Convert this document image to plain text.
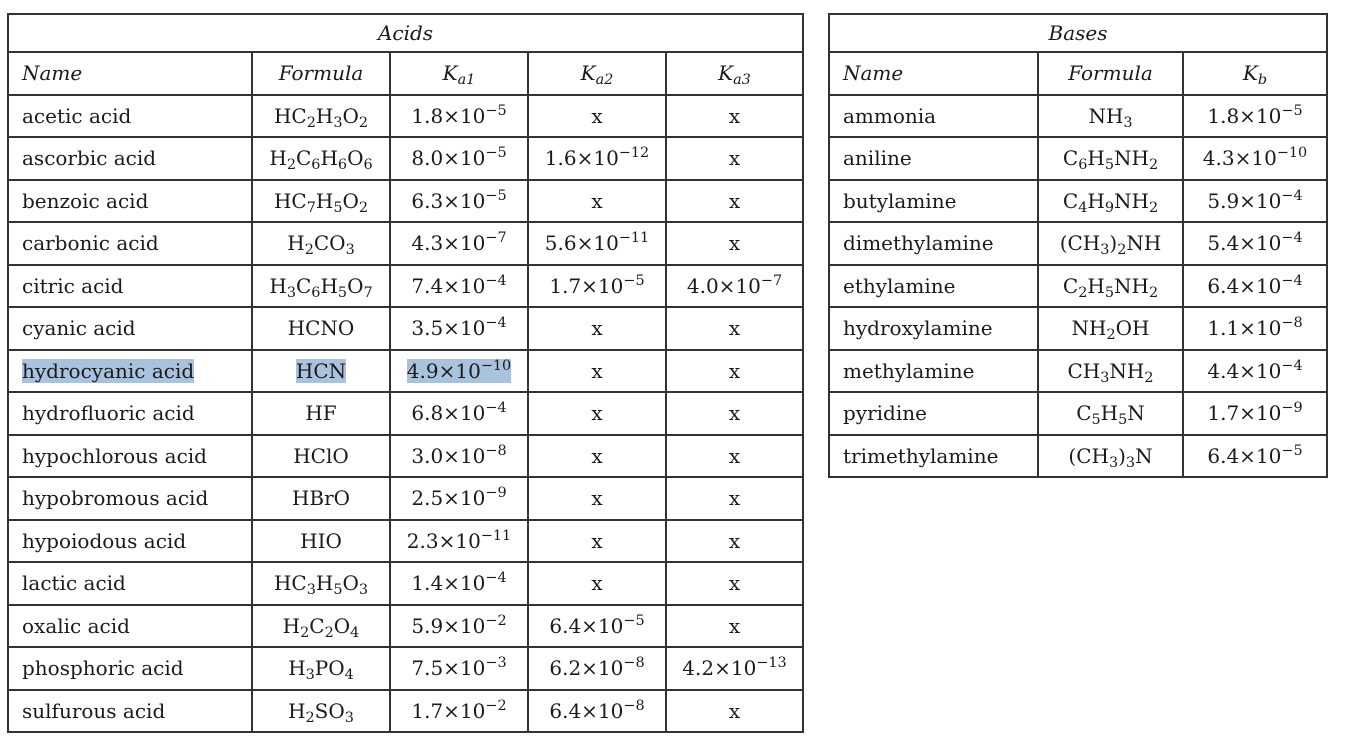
Acids				
Name	Formula	$K_{a1}$	$K_{a2}$	$K_{a3}$
acetic acid	$HC_2H_3O_2$	$1.8\times 10^{-5}$	x	x
ascorbic acid	$H_2C_6H_6O_6$	$8.0\times 10^{-5}$	$1.6\times 10^{-12}$	x
benzoic acid	$HC_7H_5O_2$	$6.3\times 10^{-5}$	x	x
carbonic acid	$H_2CO_3$	$4.3\times 10^{-7}$	$5.6\times 10^{-11}$	x
citric acid	$H_3C_6H_5O_7$	$7.4\times 10^{-4}$	$1.7\times 10^{-5}$	$4.0\times 10^{-7}$
cyanic acid	HCNO	$3.5\times 10^{-4}$	x	x
hydrocyanic acid	HCN	$4.9\times 10^{-10}$	x	x
hydrofluoric acid	HF	$6.8\times 10^{-4}$	x	x
hypochlorous acid	HClO	$3.0\times 10^{-8}$	x	x
hypobromous acid	HBrO	$2.5\times 10^{-9}$	x	x
hypoiodous acid	HIO	$2.3\times 10^{-11}$	x	x
lactic acid	$HC_3H_5O_3$	$1.4\times 10^{-4}$	x	x
oxalic acid	$H_2C_2O_4$	$5.9\times 10^{-2}$	$6.4\times 10^{-5}$	x
phosphoric acid	$H_3PO_4$	$7.5\times 10^{-3}$	$6.2\times 10^{-8}$	$4.2\times 10^{-13}$
sulfurous acid	$H_2SO_3$	$1.7\times 10^{-2}$	$6.4\times 10^{-8}$	x
Bases		
Name	Formula	$K_b$
ammonia	$NH_3$	$1.8\times 10^{-5}$
aniline	$C_6H_5NH_2$	$4.3\times 10^{-10}$
butylamine	$C_4H_9NH_2$	$5.9\times 10^{-4}$
dimethylamine	$(CH_3)_2NH$	$5.4\times 10^{-4}$
ethylamine	$C_2H_5NH_2$	$6.4\times 10^{-4}$
hydroxylamine	$NH_2OH$	$1.1\times 10^{-8}$
methylamine	$CH_3NH_2$	$4.4\times 10^{-4}$
pyridine	$C_5H_5N$	$1.7\times 10^{-9}$
trimethylamine	$(CH_3)_3N$	$6.4\times 10^{-5}$
